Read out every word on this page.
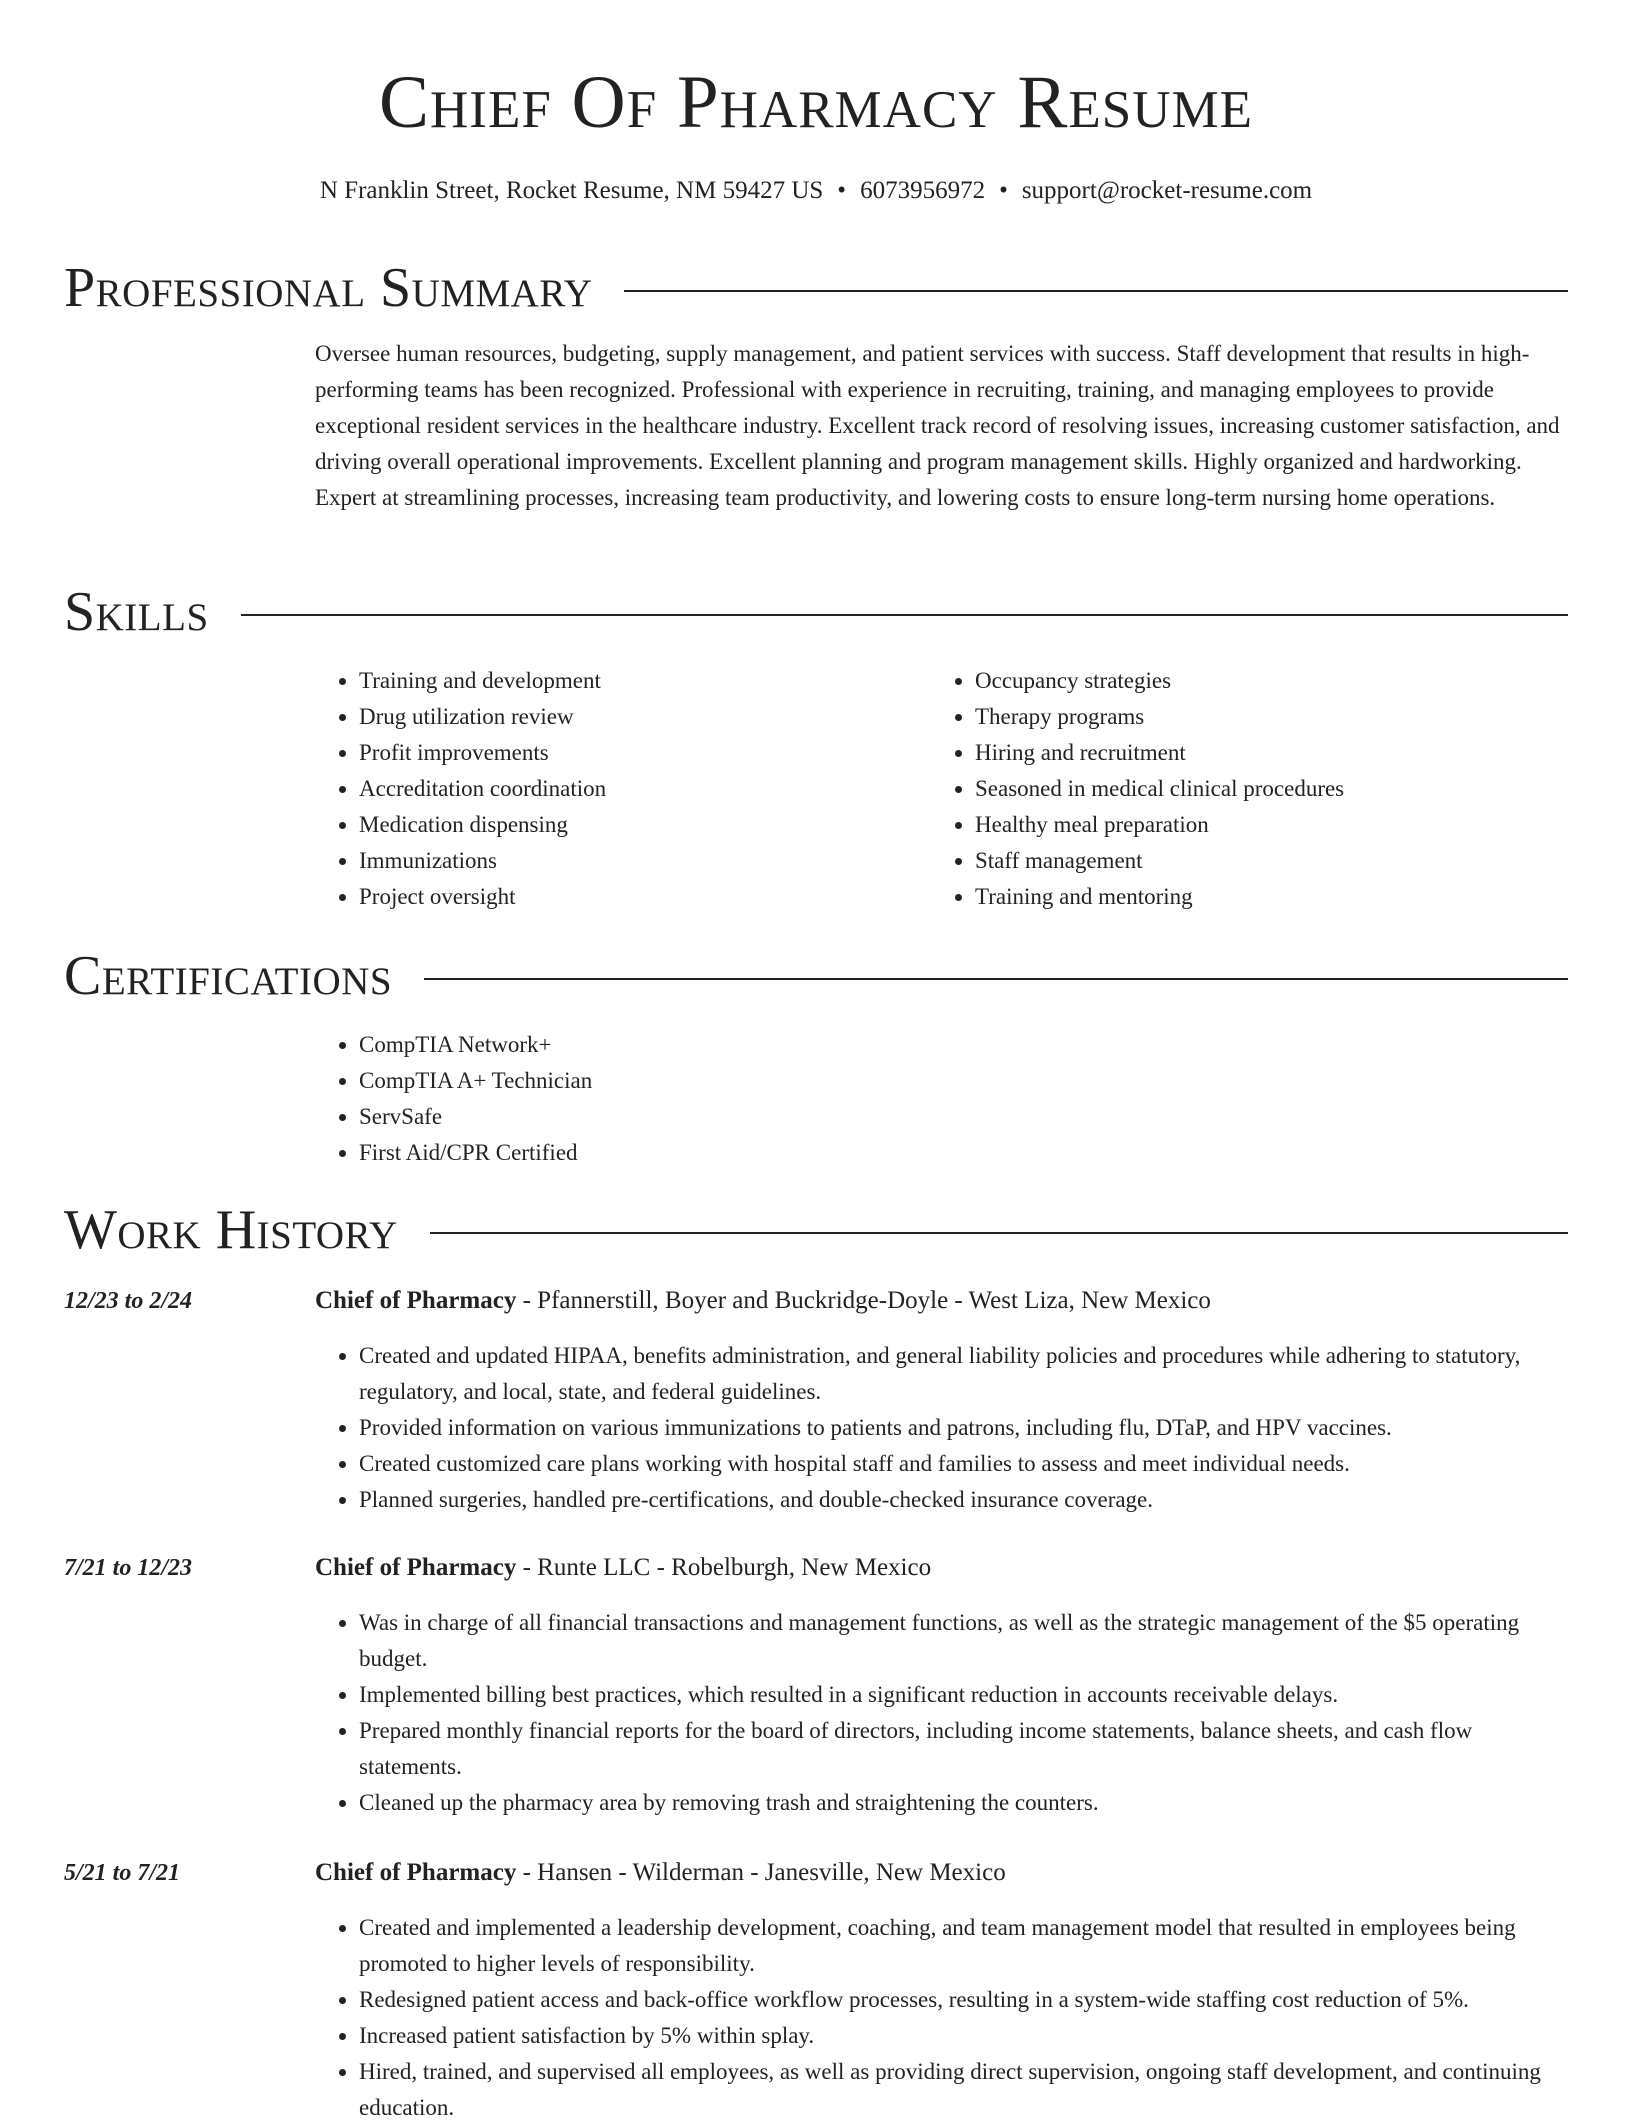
Chief Of Pharmacy Resume
N Franklin Street, Rocket Resume, NM 59427 US • 6073956972 • support@rocket-resume.com
Professional Summary

Oversee human resources, budgeting, supply management, and patient services with success. Staff development that results in high-performing teams has been recognized. Professional with experience in recruiting, training, and managing employees to provide exceptional resident services in the healthcare industry. Excellent track record of resolving issues, increasing customer satisfaction, and driving overall operational improvements. Excellent planning and program management skills. Highly organized and hardworking. Expert at streamlining processes, increasing team productivity, and lowering costs to ensure long-term nursing home operations.

Skills
• Training and development
• Drug utilization review
• Profit improvements
• Accreditation coordination
• Medication dispensing
• Immunizations
• Project oversight
• Occupancy strategies
• Therapy programs
• Hiring and recruitment
• Seasoned in medical clinical procedures
• Healthy meal preparation
• Staff management
• Training and mentoring
Certifications
• CompTIA Network+
• CompTIA A+ Technician
• ServSafe
• First Aid/CPR Certified
Work History
12/23 to 2/24	Chief of Pharmacy - Pfannerstill, Boyer and Buckridge-Doyle - West Liza, New Mexico
• Created and updated HIPAA, benefits administration, and general liability policies and procedures while adhering to statutory, regulatory, and local, state, and federal guidelines.
• Provided information on various immunizations to patients and patrons, including flu, DTaP, and HPV vaccines.
• Created customized care plans working with hospital staff and families to assess and meet individual needs.
• Planned surgeries, handled pre-certifications, and double-checked insurance coverage.
7/21 to 12/23	Chief of Pharmacy - Runte LLC - Robelburgh, New Mexico
• Was in charge of all financial transactions and management functions, as well as the strategic management of the $5 operating budget.
• Implemented billing best practices, which resulted in a significant reduction in accounts receivable delays.
• Prepared monthly financial reports for the board of directors, including income statements, balance sheets, and cash flow statements.
• Cleaned up the pharmacy area by removing trash and straightening the counters.
5/21 to 7/21	Chief of Pharmacy - Hansen - Wilderman - Janesville, New Mexico
• Created and implemented a leadership development, coaching, and team management model that resulted in employees being promoted to higher levels of responsibility.
• Redesigned patient access and back-office workflow processes, resulting in a system-wide staffing cost reduction of 5%.
• Increased patient satisfaction by 5% within splay.
• Hired, trained, and supervised all employees, as well as providing direct supervision, ongoing staff development, and continuing education.
